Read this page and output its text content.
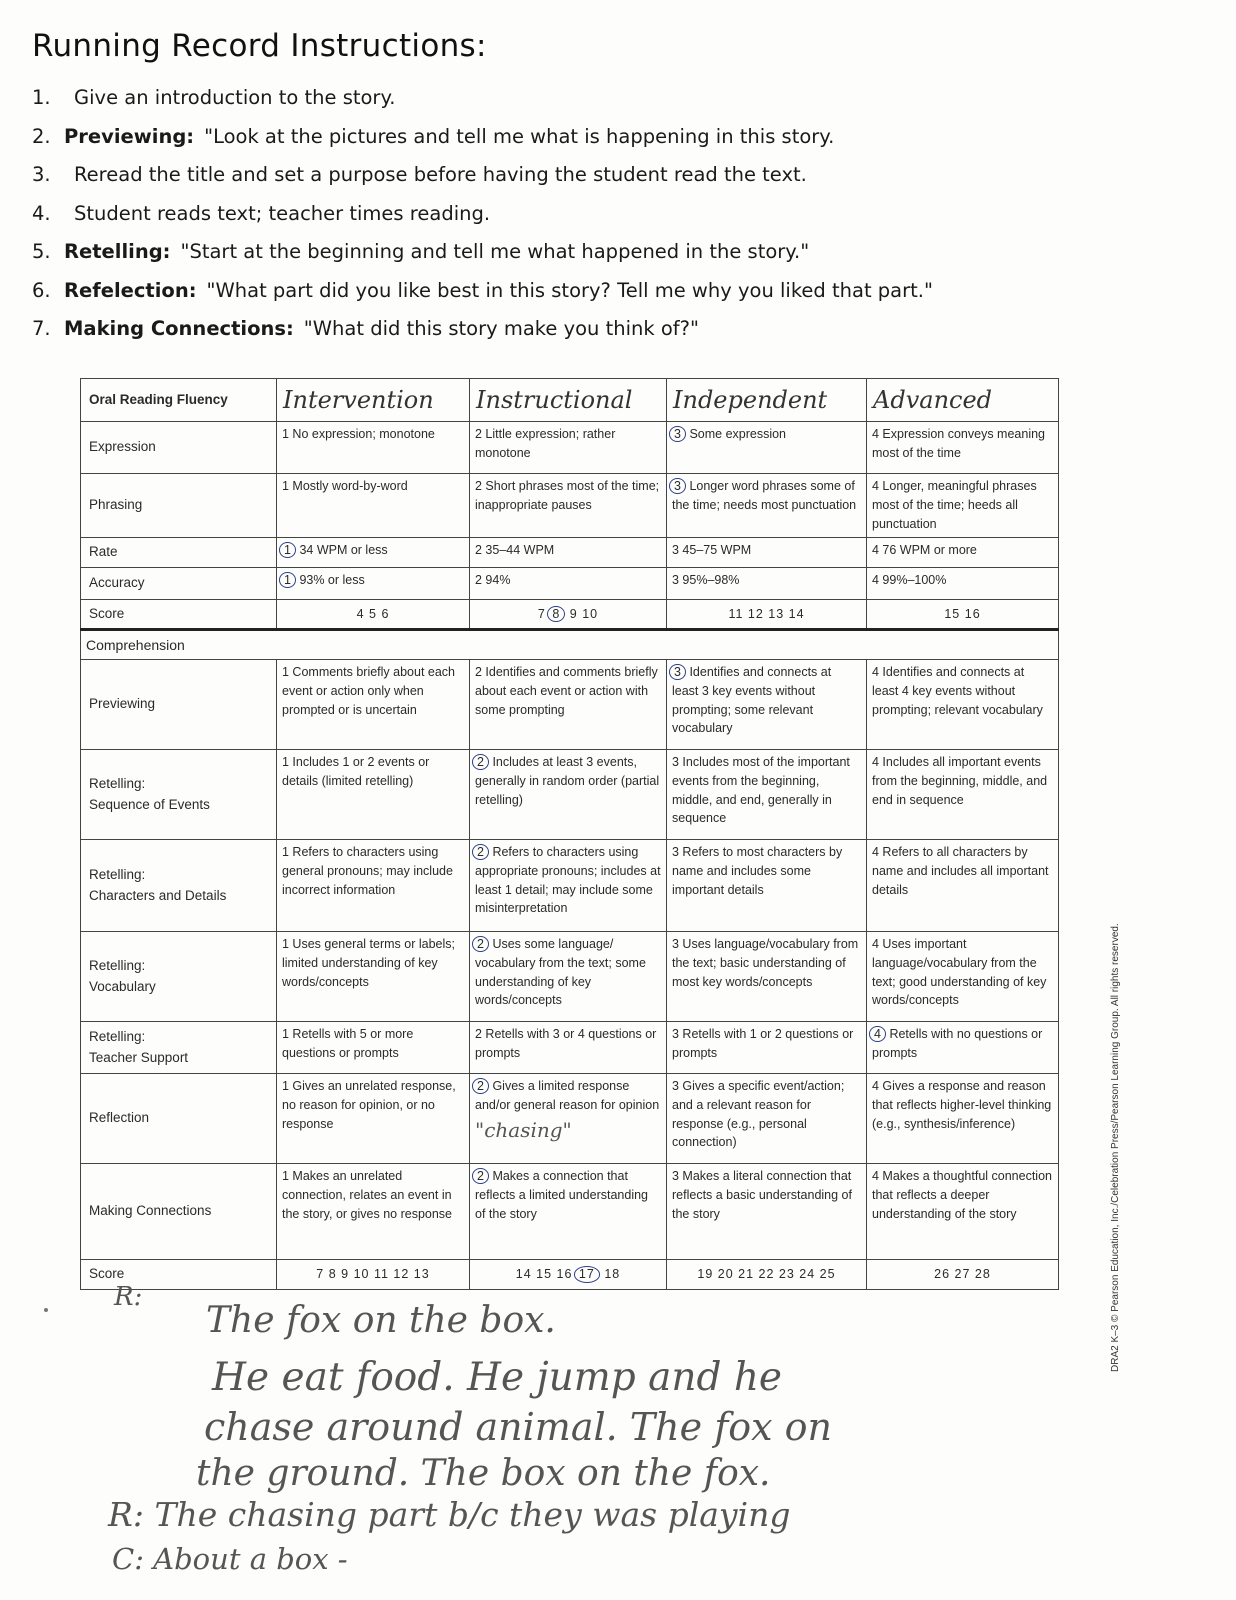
Running Record Instructions:
1. Give an introduction to the story.
2. Previewing: "Look at the pictures and tell me what is happening in this story.
3. Reread the title and set a purpose before having the student read the text.
4. Student reads text; teacher times reading.
5. Retelling: "Start at the beginning and tell me what happened in the story."
6. Refelection: "What part did you like best in this story? Tell me why you liked that part."
7. Making Connections: "What did this story make you think of?"
Oral Reading Fluency	Intervention	Instructional	Independent	Advanced
Expression	1 No expression; monotone	2 Little expression; rather monotone	3 Some expression	4 Expression conveys meaning most of the time
Phrasing	1 Mostly word-by-word	2 Short phrases most of the time; inappropriate pauses	3 Longer word phrases some of the time; needs most punctuation	4 Longer, meaningful phrases most of the time; heeds all punctuation
Rate	1 34 WPM or less	2 35–44 WPM	3 45–75 WPM	4 76 WPM or more
Accuracy	1 93% or less	2 94%	3 95%–98%	4 99%–100%
Score	4 5 6	7 8 9 10	11 12 13 14	15 16
Comprehension				
Previewing	1 Comments briefly about each event or action only when prompted or is uncertain	2 Identifies and comments briefly about each event or action with some prompting	3 Identifies and connects at least 3 key events without prompting; some relevant vocabulary	4 Identifies and connects at least 4 key events without prompting; relevant vocabulary
Retelling:
Sequence of Events	1 Includes 1 or 2 events or details (limited retelling)	2 Includes at least 3 events, generally in random order (partial retelling)	3 Includes most of the important events from the beginning, middle, and end, generally in sequence	4 Includes all important events from the beginning, middle, and end in sequence
Retelling:
Characters and Details	1 Refers to characters using general pronouns; may include incorrect information	2 Refers to characters using appropriate pronouns; includes at least 1 detail; may include some misinterpretation	3 Refers to most characters by name and includes some important details	4 Refers to all characters by name and includes all important details
Retelling:
Vocabulary	1 Uses general terms or labels; limited understanding of key words/concepts	2 Uses some language/ vocabulary from the text; some understanding of key words/concepts	3 Uses language/vocabulary from the text; basic understanding of most key words/concepts	4 Uses important language/vocabulary from the text; good understanding of key words/concepts
Retelling:
Teacher Support	1 Retells with 5 or more questions or prompts	2 Retells with 3 or 4 questions or prompts	3 Retells with 1 or 2 questions or prompts	4 Retells with no questions or prompts
Reflection	1 Gives an unrelated response, no reason for opinion, or no response	2 Gives a limited response and/or general reason for opinion "chasing"	3 Gives a specific event/action; and a relevant reason for response (e.g., personal connection)	4 Gives a response and reason that reflects higher-level thinking (e.g., synthesis/inference)
Making Connections	1 Makes an unrelated connection, relates an event in the story, or gives no response	2 Makes a connection that reflects a limited understanding of the story	3 Makes a literal connection that reflects a basic understanding of the story	4 Makes a thoughtful connection that reflects a deeper understanding of the story
Score	7 8 9 10 11 12 13	14 15 16 17 18	19 20 21 22 23 24 25	26 27 28
R:
The fox on the box.
He eat food. He jump and he
chase around animal. The fox on
the ground. The box on the fox.
R: The chasing part b/c they was playing
C: About a box -
DRA2 K–3 © Pearson Education, Inc./Celebration Press/Pearson Learning Group. All rights reserved.
